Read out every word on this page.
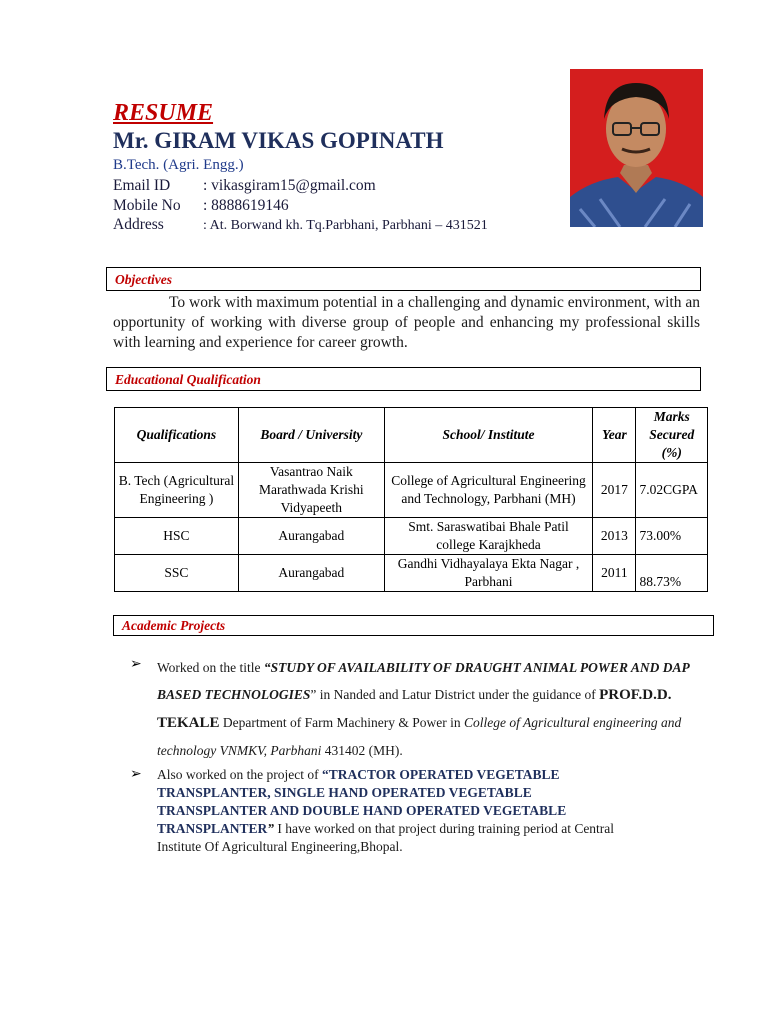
RESUME
Mr. GIRAM VIKAS GOPINATH
B.Tech. (Agri. Engg.)
Email ID : vikasgiram15@gmail.com
Mobile No : 8888619146
Address	: At. Borwand kh. Tq.Parbhani, Parbhani – 431521
Objectives
To work with maximum potential in a challenging and dynamic environment, with an opportunity of working with diverse group of people and enhancing my professional skills with learning and experience for career growth.
Educational Qualification
Qualifications	Board / University	School/ Institute	Year	Marks Secured (%)
B. Tech (Agricultural Engineering )	Vasantrao Naik Marathwada Krishi Vidyapeeth	College of Agricultural Engineering and Technology, Parbhani (MH)	2017	7.02CGPA
HSC	Aurangabad	Smt. Saraswatibai Bhale Patil college Karajkheda	2013	73.00%
SSC	Aurangabad	Gandhi Vidhayalaya Ekta Nagar , Parbhani	2011	88.73%
Academic Projects
➢ Worked on the title “STUDY OF AVAILABILITY OF DRAUGHT ANIMAL POWER AND DAP BASED TECHNOLOGIES” in Nanded and Latur District under the guidance of PROF.D.D. TEKALE Department of Farm Machinery & Power in College of Agricultural engineering and technology VNMKV, Parbhani 431402 (MH).
➢ Also worked on the project of “TRACTOR OPERATED VEGETABLE TRANSPLANTER, SINGLE HAND OPERATED VEGETABLE TRANSPLANTER AND DOUBLE HAND OPERATED VEGETABLE TRANSPLANTER” I have worked on that project during training period at Central Institute Of Agricultural Engineering,Bhopal.
